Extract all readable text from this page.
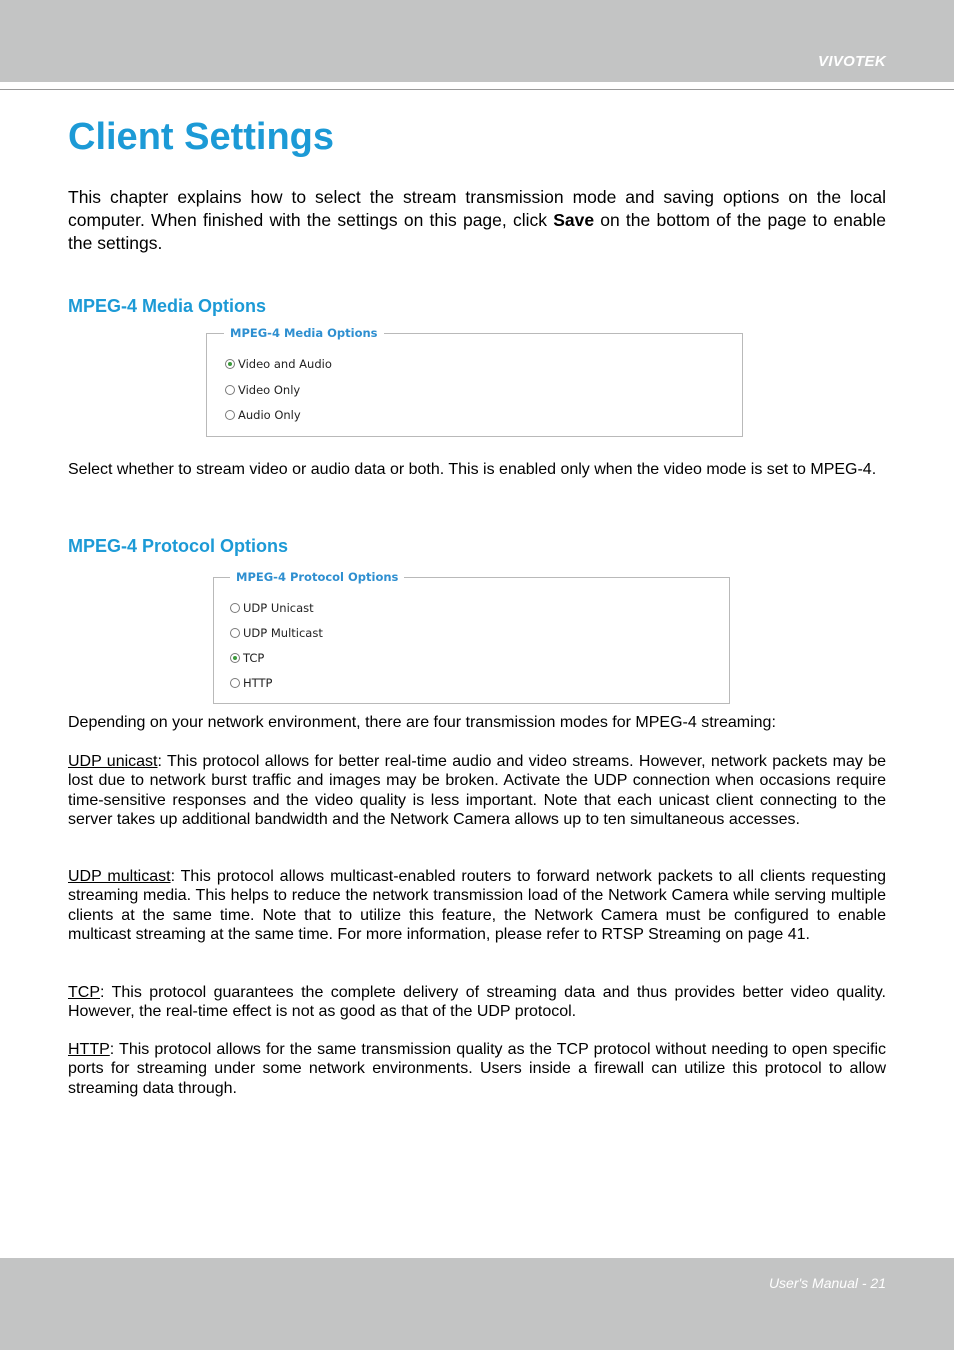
VIVOTEK
Client Settings

This chapter explains how to select the stream transmission mode and saving options on the local computer. When finished with the settings on this page, click Save on the bottom of the page to enable the settings.

MPEG-4 Media Options
MPEG-4 Media Options
Video and Audio
Video Only
Audio Only

Select whether to stream video or audio data or both. This is enabled only when the video mode is set to MPEG-4.

MPEG-4 Protocol Options
MPEG-4 Protocol Options
UDP Unicast
UDP Multicast
TCP
HTTP

Depending on your network environment, there are four transmission modes for MPEG-4 streaming:

UDP unicast: This protocol allows for better real-time audio and video streams. However, network packets may be lost due to network burst traffic and images may be broken. Activate the UDP connection when occasions require time-sensitive responses and the video quality is less important. Note that each unicast client connecting to the server takes up additional bandwidth and the Network Camera allows up to ten simultaneous accesses.

UDP multicast: This protocol allows multicast-enabled routers to forward network packets to all clients requesting streaming media. This helps to reduce the network transmission load of the Network Camera while serving multiple clients at the same time. Note that to utilize this feature, the Network Camera must be configured to enable multicast streaming at the same time. For more information, please refer to RTSP Streaming on page 41.

TCP: This protocol guarantees the complete delivery of streaming data and thus provides better video quality. However, the real-time effect is not as good as that of the UDP protocol.

HTTP: This protocol allows for the same transmission quality as the TCP protocol without needing to open specific ports for streaming under some network environments. Users inside a firewall can utilize this protocol to allow streaming data through.

User's Manual - 21
